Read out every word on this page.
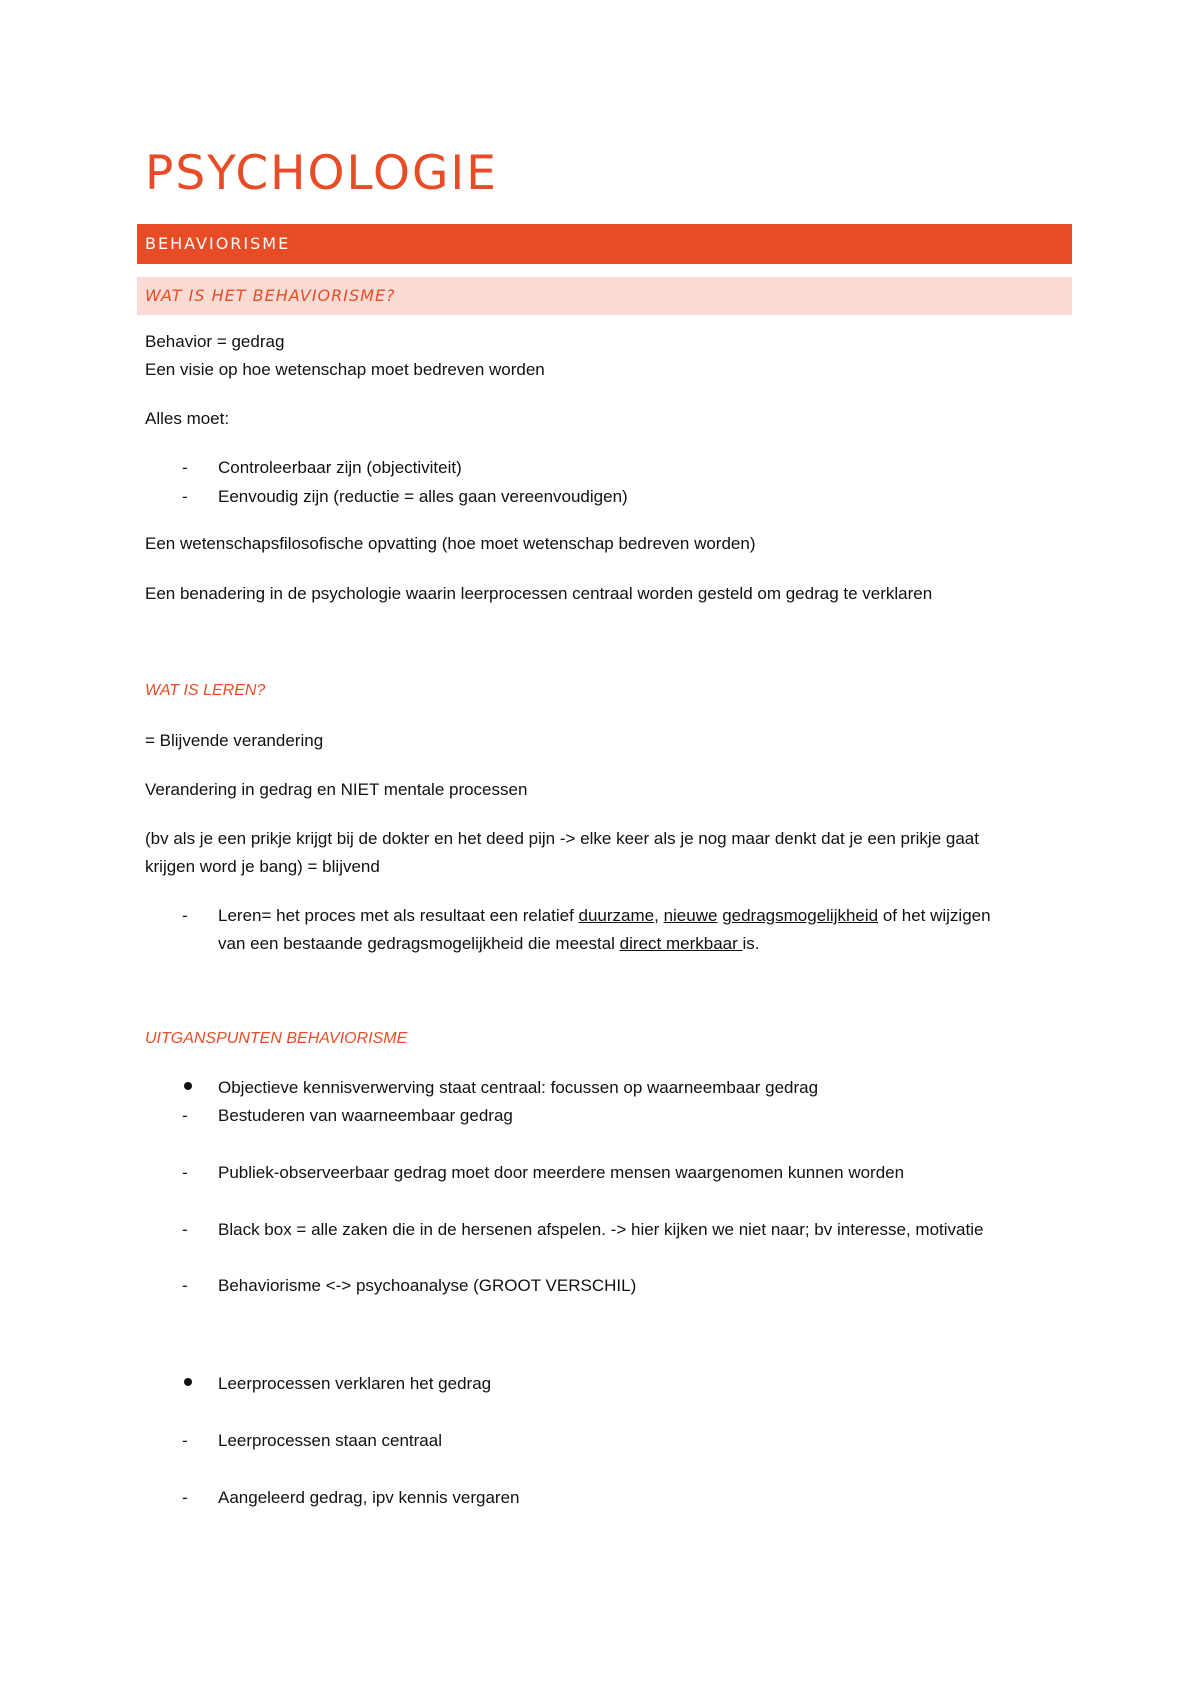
PSYCHOLOGIE
BEHAVIORISME
WAT IS HET BEHAVIORISME?
Behavior = gedrag
Een visie op hoe wetenschap moet bedreven worden
Alles moet:
- Controleerbaar zijn (objectiviteit)
- Eenvoudig zijn (reductie = alles gaan vereenvoudigen)
Een wetenschapsfilosofische opvatting (hoe moet wetenschap bedreven worden)
Een benadering in de psychologie waarin leerprocessen centraal worden gesteld om gedrag te verklaren
WAT IS LEREN?
= Blijvende verandering
Verandering in gedrag en NIET mentale processen
(bv als je een prikje krijgt bij de dokter en het deed pijn -> elke keer als je nog maar denkt dat je een prikje gaat
krijgen word je bang) = blijvend
- Leren= het proces met als resultaat een relatief duurzame, nieuwe gedragsmogelijkheid of het wijzigen
van een bestaande gedragsmogelijkheid die meestal direct merkbaar is.
UITGANSPUNTEN BEHAVIORISME
Objectieve kennisverwerving staat centraal: focussen op waarneembaar gedrag
- Bestuderen van waarneembaar gedrag
- Publiek-observeerbaar gedrag moet door meerdere mensen waargenomen kunnen worden
- Black box = alle zaken die in de hersenen afspelen. -> hier kijken we niet naar; bv interesse, motivatie
- Behaviorisme <-> psychoanalyse (GROOT VERSCHIL)
Leerprocessen verklaren het gedrag
- Leerprocessen staan centraal
- Aangeleerd gedrag, ipv kennis vergaren
